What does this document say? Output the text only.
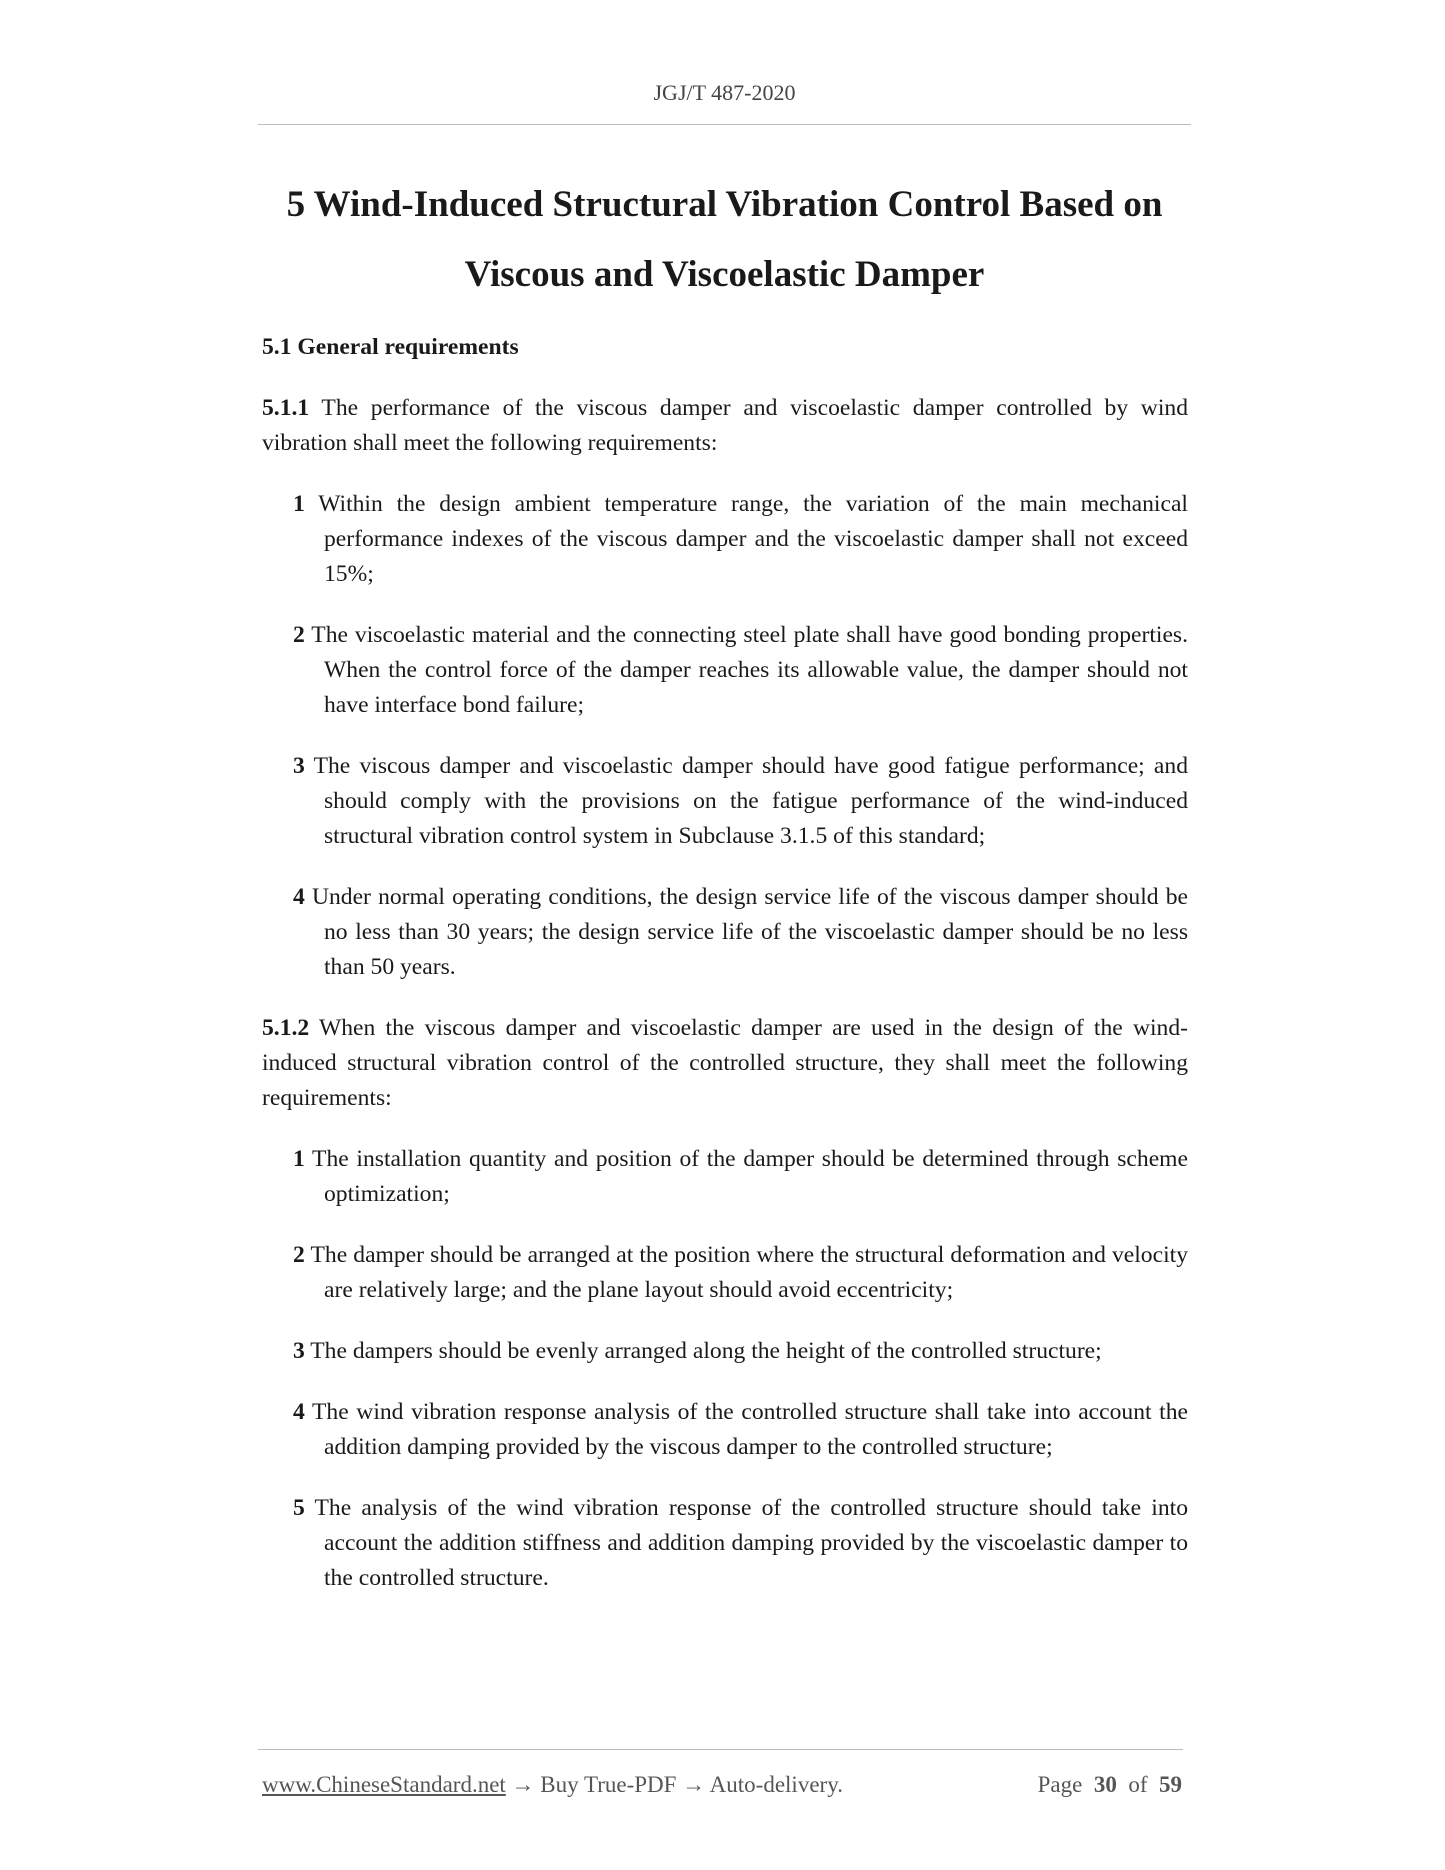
JGJ/T 487-2020
5 Wind-Induced Structural Vibration Control Based on
Viscous and Viscoelastic Damper
5.1 General requirements

5.1.1 The performance of the viscous damper and viscoelastic damper controlled by wind vibration shall meet the following requirements:

1 Within the design ambient temperature range, the variation of the main mechanical performance indexes of the viscous damper and the viscoelastic damper shall not exceed 15%;

2 The viscoelastic material and the connecting steel plate shall have good bonding properties. When the control force of the damper reaches its allowable value, the damper should not have interface bond failure;

3 The viscous damper and viscoelastic damper should have good fatigue performance; and should comply with the provisions on the fatigue performance of the wind-induced structural vibration control system in Subclause 3.1.5 of this standard;

4 Under normal operating conditions, the design service life of the viscous damper should be no less than 30 years; the design service life of the viscoelastic damper should be no less than 50 years.

5.1.2 When the viscous damper and viscoelastic damper are used in the design of the wind-induced structural vibration control of the controlled structure, they shall meet the following requirements:

1 The installation quantity and position of the damper should be determined through scheme optimization;

2 The damper should be arranged at the position where the structural deformation and velocity are relatively large; and the plane layout should avoid eccentricity;

3 The dampers should be evenly arranged along the height of the controlled structure;

4 The wind vibration response analysis of the controlled structure shall take into account the addition damping provided by the viscous damper to the controlled structure;

5 The analysis of the wind vibration response of the controlled structure should take into account the addition stiffness and addition damping provided by the viscoelastic damper to the controlled structure.

www.ChineseStandard.net → Buy True-PDF → Auto-delivery.	Page 30 of 59
